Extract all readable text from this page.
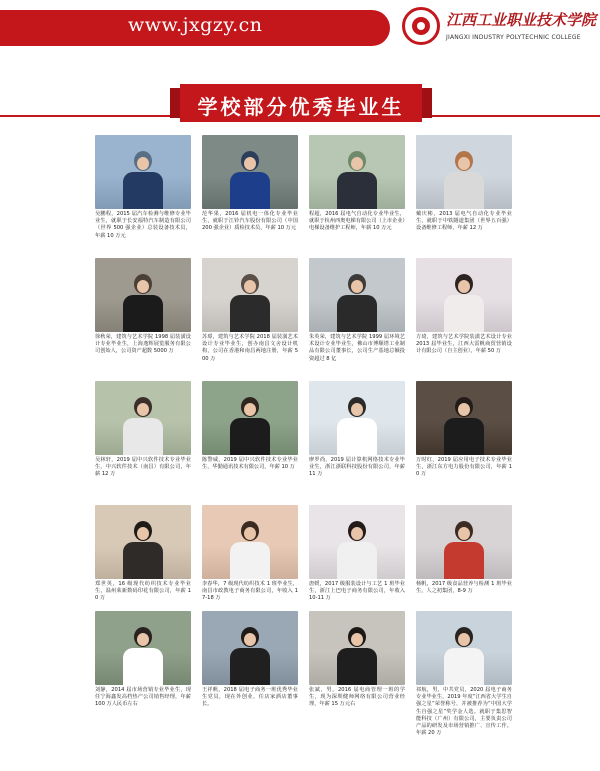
www.jxgzy.cn	江西工业职业技术学院
JIANGXI INDUSTRY POLYTECHNIC COLLEGE
学校部分优秀毕业生
吴鹏程，2015 届汽车检测与维修专业毕业生，就职于长安福特汽车制造有限公司（世界 500 强企业）总装设备技术员，年薪 10 万元
范华果，2016 届机电一体化专业毕业生，就职于江铃汽车股份有限公司（中国 200 强企业）质检技术员，年薪 10 万元
程超，2016 届电气自动化专业毕业生，就职于杭州西奥电梯有限公司（上市企业）电梯设备维护工程师，年薪 10 万元
戴庆彬，2013 届电气自动化专业毕业生，就职于中铁隧道集团（世界五百强）设备维修工程师，年薪 12 万
徐秋荣，建筑与艺术学院 1998 届装潢设计专业毕业生，上海逸辉展览服务有限公司创始人，公司资产超数 5000 万
苏璟，建筑与艺术学院 2018 届装潢艺术设计专业毕业生，创办南昌文舍设计机构，公司在香港和南昌两地注册，年薪 500 万
朱英荣，建筑与艺术学院 1999 届环境艺术设计专业毕业生，佛山市博顺塔工业制品有限公司董事长，公司生产基地总额投资超过 8 亿
方琦，建筑与艺术学院装潢艺术设计专业 2013 届毕业生，江西大雷帆商贸营销设计有限公司（自主创业），年薪 50 万
吴林轩，2019 届中兴软件技术专业毕业生，中兴软件技术（南昌）有限公司，年薪 12 万
陈警威，2019 届中兴软件技术专业毕业生，华勤通讯技术有限公司，年薪 10 万
廖罗尚，2019 届计算机网络技术专业毕业生，浙江浙联科技股份有限公司，年薪 11 万
万时红，2019 届应用电子技术专业毕业生，浙江东方电力股份有限公司，年薪 10 万
郑世英，16 级现代纺织技术专业毕业生，温州莱新数码印花有限公司，年薪 10 万
李春华，7 级现代纺织技术 1 班毕业生，南昌市政教电子商务有限公司，年收入 17-18 万
唐媛，2017 级服装设计与工艺 1 班毕业生，浙江上巴电子商务有限公司，年收入 10-11 万
杨帆，2017 级食品营养与检测 1 班毕业生，人之初集团，8-9 万
刘静，2014 届市场营销专业毕业生，现任宁海鑫发高档热产公司销售经理，年薪 100 万人民币左右
王祥帆，2018 届电子商务一班优秀毕业生党员，现在外创业，任店家酒店董事长。
张斌，男，2016 届电商管理一班的学生，现为深圳健师网络有限公司营业经理，年薪 15 万元右
祁航，男，中共党员，2020 届电子商务专业毕业生，2019 年度“江西省大学生自强之星”荣誉称号，并被推荐为“中国大学生自强之星”奖学金人选。就职于集思智能科技（广州）有限公司，主要负责公司产品的研发及市场营销推广、宣传工作。年薪 20 万
